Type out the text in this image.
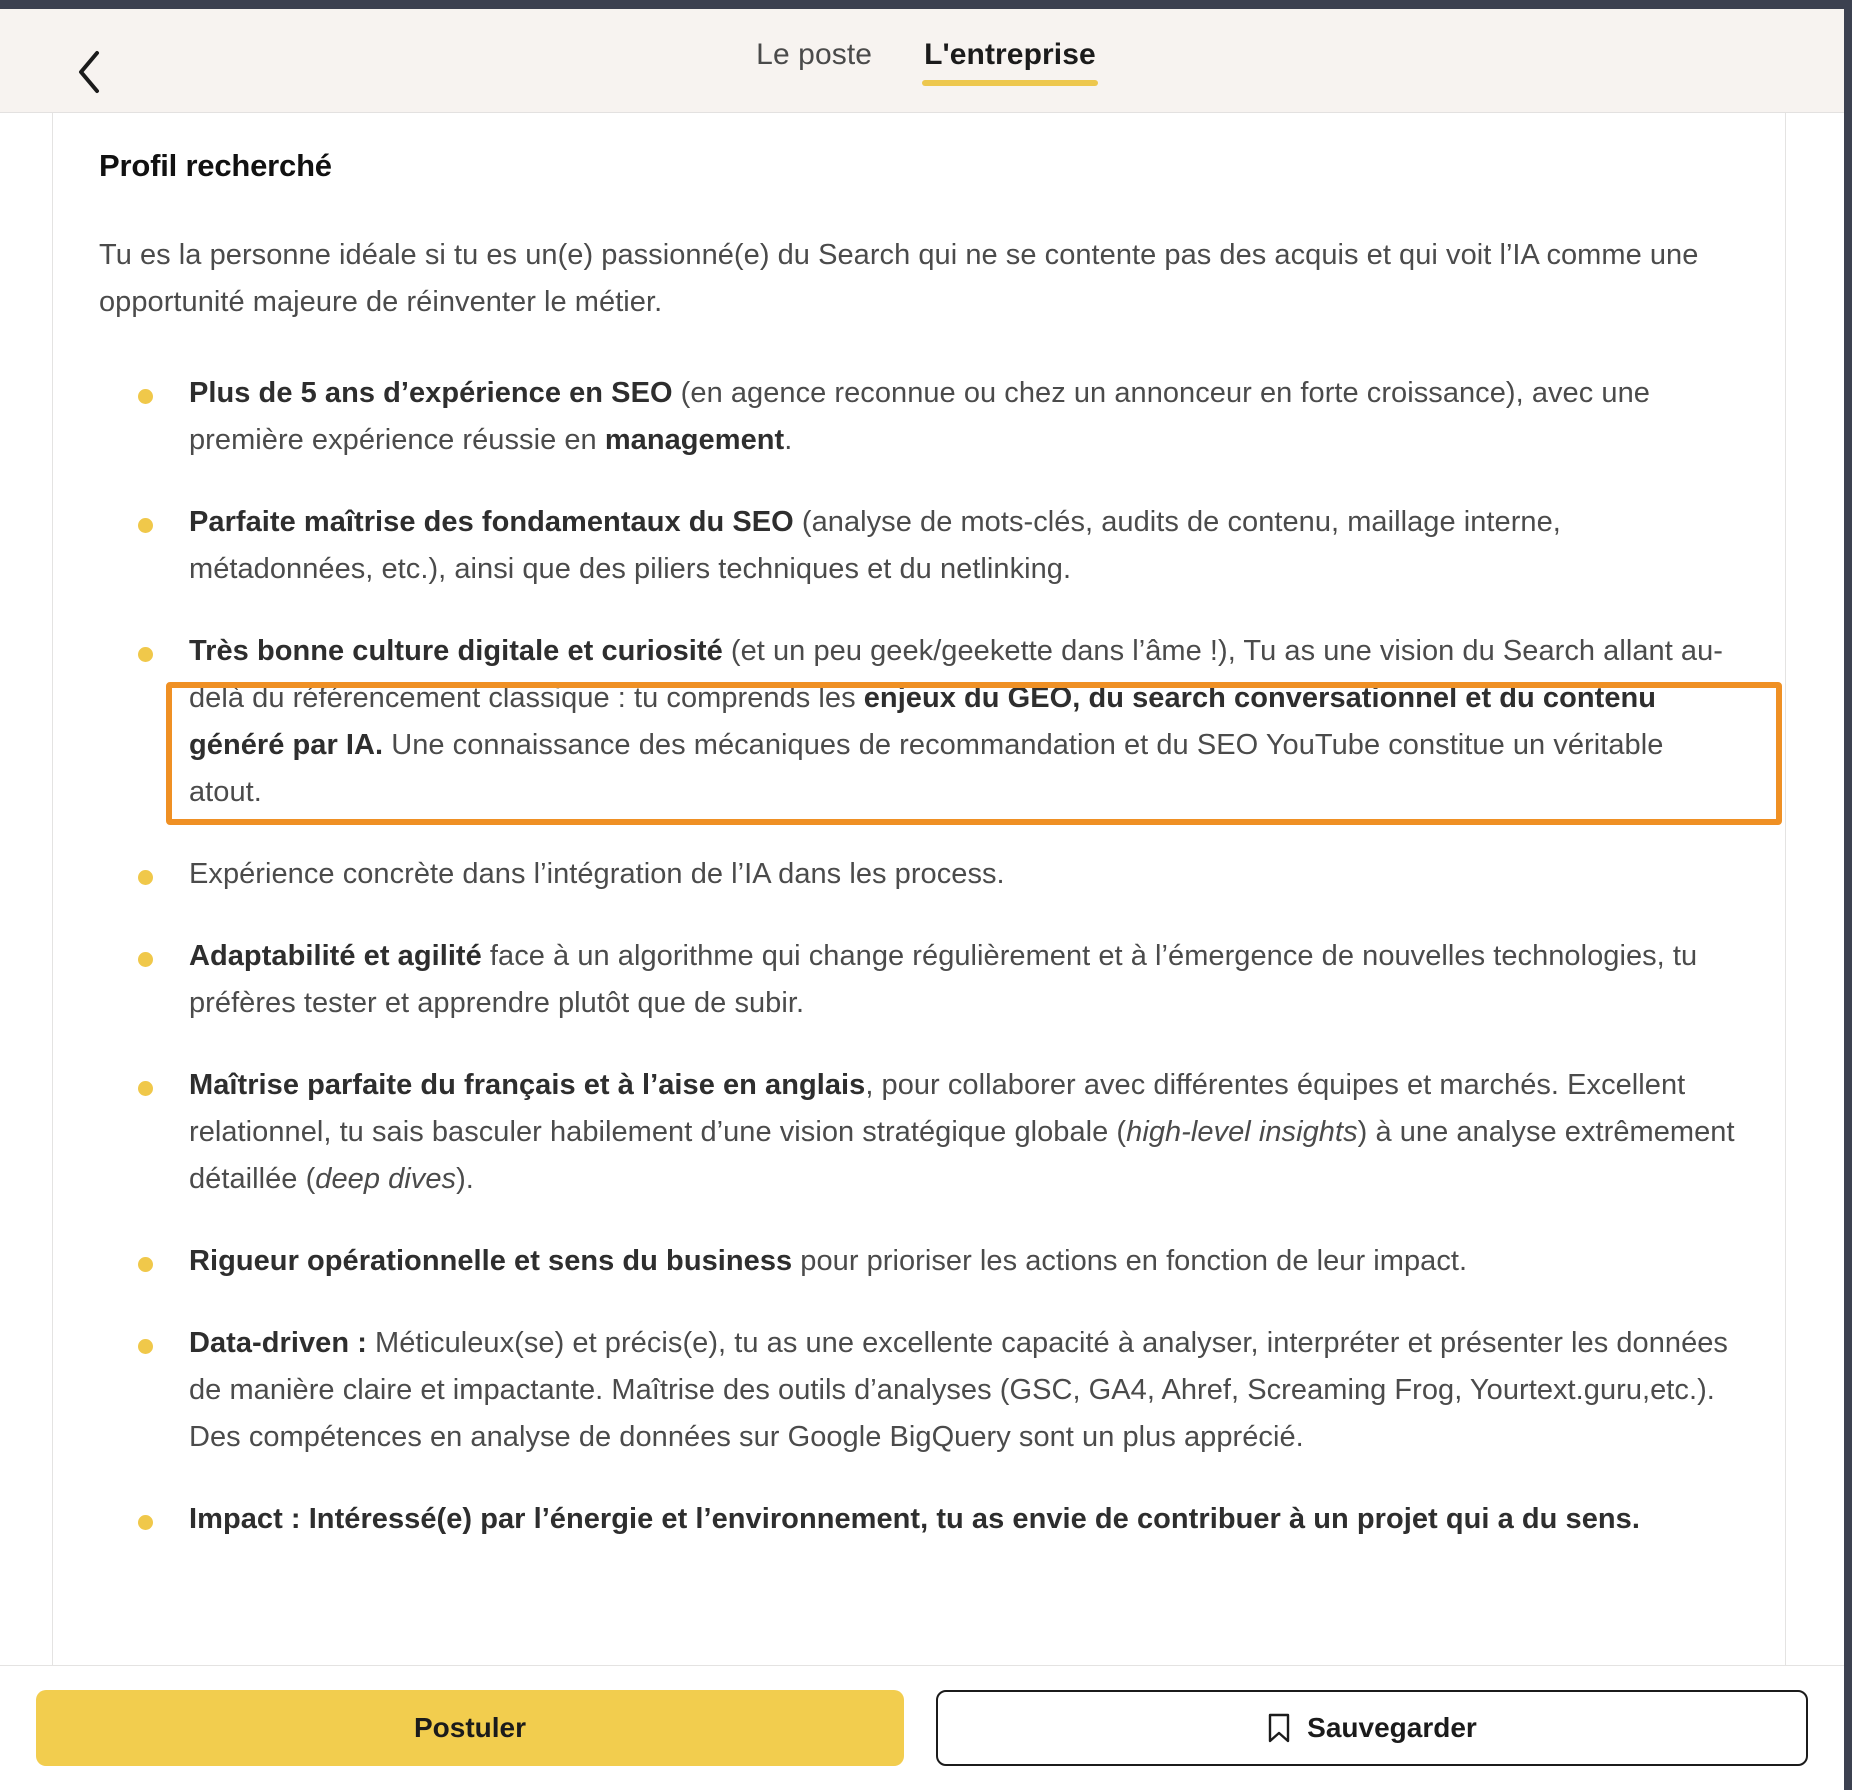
Le poste L'entreprise
Profil recherché

Tu es la personne idéale si tu es un(e) passionné(e) du Search qui ne se contente pas des acquis et qui voit l’IA comme une opportunité majeure de réinventer le métier.

Plus de 5 ans d’expérience en SEO (en agence reconnue ou chez un annonceur en forte croissance), avec une première expérience réussie en management.
Parfaite maîtrise des fondamentaux du SEO (analyse de mots-clés, audits de contenu, maillage interne, métadonnées, etc.), ainsi que des piliers techniques et du netlinking.
Très bonne culture digitale et curiosité (et un peu geek/geekette dans l’âme !), Tu as une vision du Search allant au-delà du référencement classique : tu comprends les enjeux du GEO, du search conversationnel et du contenu généré par IA. Une connaissance des mécaniques de recommandation et du SEO YouTube constitue un véritable atout.
Expérience concrète dans l’intégration de l’IA dans les process.
Adaptabilité et agilité face à un algorithme qui change régulièrement et à l’émergence de nouvelles technologies, tu préfères tester et apprendre plutôt que de subir.
Maîtrise parfaite du français et à l’aise en anglais, pour collaborer avec différentes équipes et marchés. Excellent relationnel, tu sais basculer habilement d’une vision stratégique globale (high-level insights) à une analyse extrêmement détaillée (deep dives).
Rigueur opérationnelle et sens du business pour prioriser les actions en fonction de leur impact.
Data-driven : Méticuleux(se) et précis(e), tu as une excellente capacité à analyser, interpréter et présenter les données de manière claire et impactante. Maîtrise des outils d’analyses (GSC, GA4, Ahref, Screaming Frog, Yourtext.guru,etc.). Des compétences en analyse de données sur Google BigQuery sont un plus apprécié.
Impact : Intéressé(e) par l’énergie et l’environnement, tu as envie de contribuer à un projet qui a du sens.
Postuler	Sauvegarder
